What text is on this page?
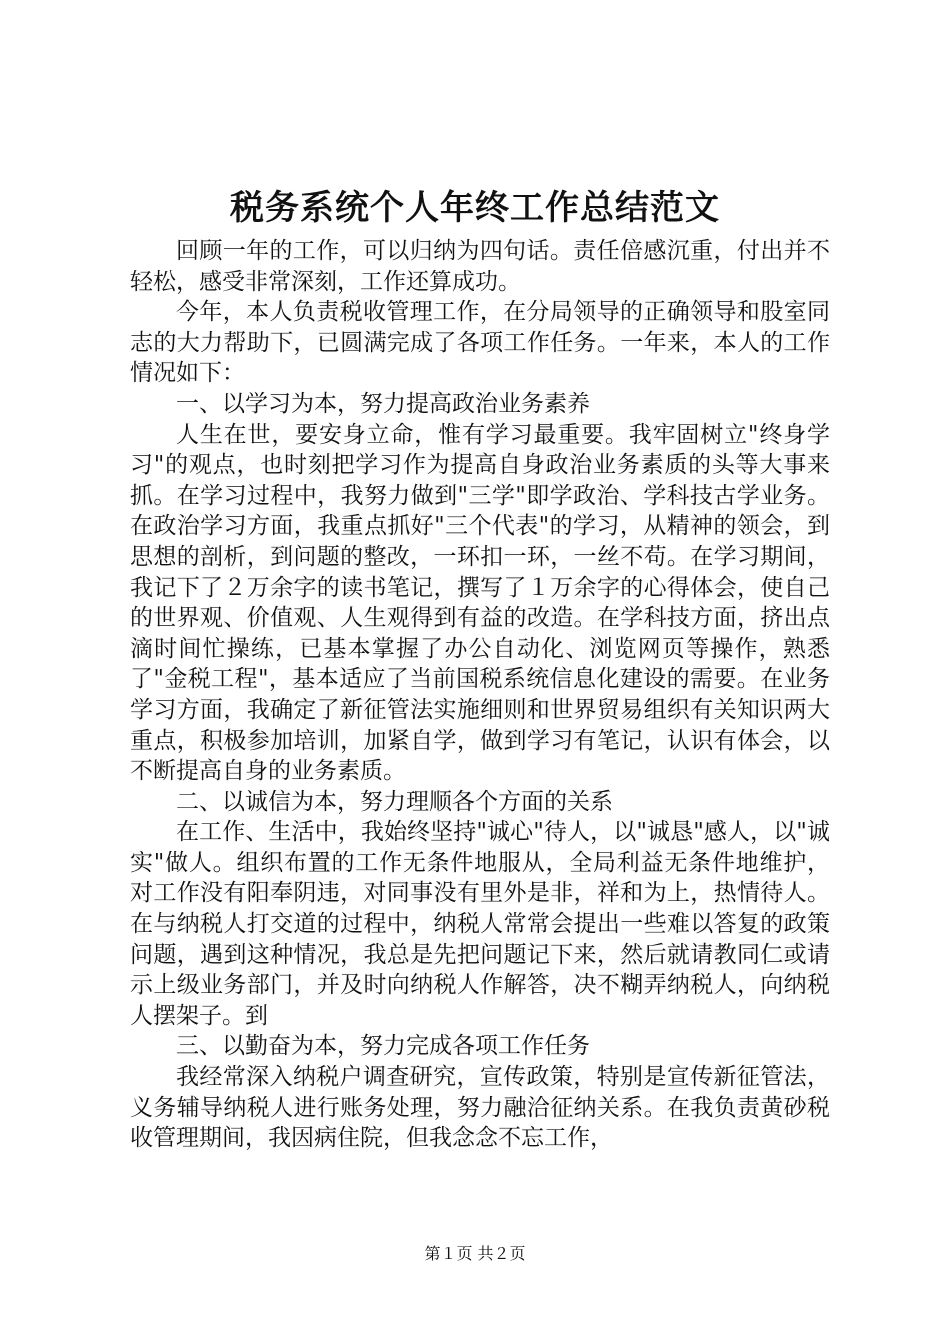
税务系统个人年终工作总结范文

回顾一年的工作，可以归纳为四句话。责任倍感沉重，付出并不轻松，感受非常深刻，工作还算成功。

今年，本人负责税收管理工作，在分局领导的正确领导和股室同志的大力帮助下，已圆满完成了各项工作任务。一年来，本人的工作情况如下：

一、以学习为本，努力提高政治业务素养

人生在世，要安身立命，惟有学习最重要。我牢固树立"终身学习"的观点，也时刻把学习作为提高自身政治业务素质的头等大事来抓。在学习过程中，我努力做到"三学"即学政治、学科技古学业务。在政治学习方面，我重点抓好"三个代表"的学习，从精神的领会，到思想的剖析，到问题的整改，一环扣一环，一丝不苟。在学习期间，我记下了２万余字的读书笔记，撰写了１万余字的心得体会，使自己的世界观、价值观、人生观得到有益的改造。在学科技方面，挤出点滴时间忙操练，已基本掌握了办公自动化、浏览网页等操作，熟悉了"金税工程"，基本适应了当前国税系统信息化建设的需要。在业务学习方面，我确定了新征管法实施细则和世界贸易组织有关知识两大重点，积极参加培训，加紧自学，做到学习有笔记，认识有体会，以不断提高自身的业务素质。

二、以诚信为本，努力理顺各个方面的关系

在工作、生活中，我始终坚持"诚心"待人，以"诚恳"感人，以"诚实"做人。组织布置的工作无条件地服从，全局利益无条件地维护，对工作没有阳奉阴违，对同事没有里外是非，祥和为上，热情待人。在与纳税人打交道的过程中，纳税人常常会提出一些难以答复的政策问题，遇到这种情况，我总是先把问题记下来，然后就请教同仁或请示上级业务部门，并及时向纳税人作解答，决不糊弄纳税人，向纳税人摆架子。到

三、以勤奋为本，努力完成各项工作任务

我经常深入纳税户调查研究，宣传政策，特别是宣传新征管法，义务辅导纳税人进行账务处理，努力融洽征纳关系。在我负责黄砂税收管理期间，我因病住院，但我念念不忘工作，

第１页 共２页
